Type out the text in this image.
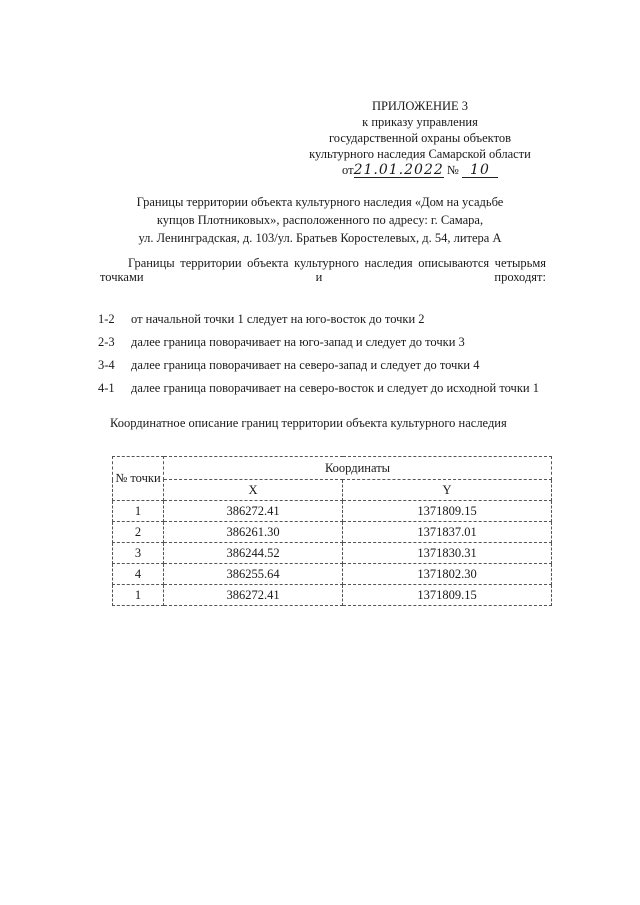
ПРИЛОЖЕНИЕ 3
к приказу управления
государственной охраны объектов
культурного наследия Самарской области
от21.01.2022 № 10
Границы территории объекта культурного наследия «Дом на усадьбе
купцов Плотниковых», расположенного по адресу: г. Самара,
ул. Ленинградская, д. 103/ул. Братьев Коростелевых, д. 54, литера А
Границы территории объекта культурного наследия описываются четырьмя точками и проходят:
1-2	от начальной точки 1 следует на юго-восток до точки 2
2-3	далее граница поворачивает на юго-запад и следует до точки 3
3-4	далее граница поворачивает на северо-запад и следует до точки 4
4-1	далее граница поворачивает на северо-восток и следует до исходной точки 1
Координатное описание границ территории объекта культурного наследия
№ точки	Координаты	
	X	Y
1	386272.41	1371809.15
2	386261.30	1371837.01
3	386244.52	1371830.31
4	386255.64	1371802.30
1	386272.41	1371809.15
